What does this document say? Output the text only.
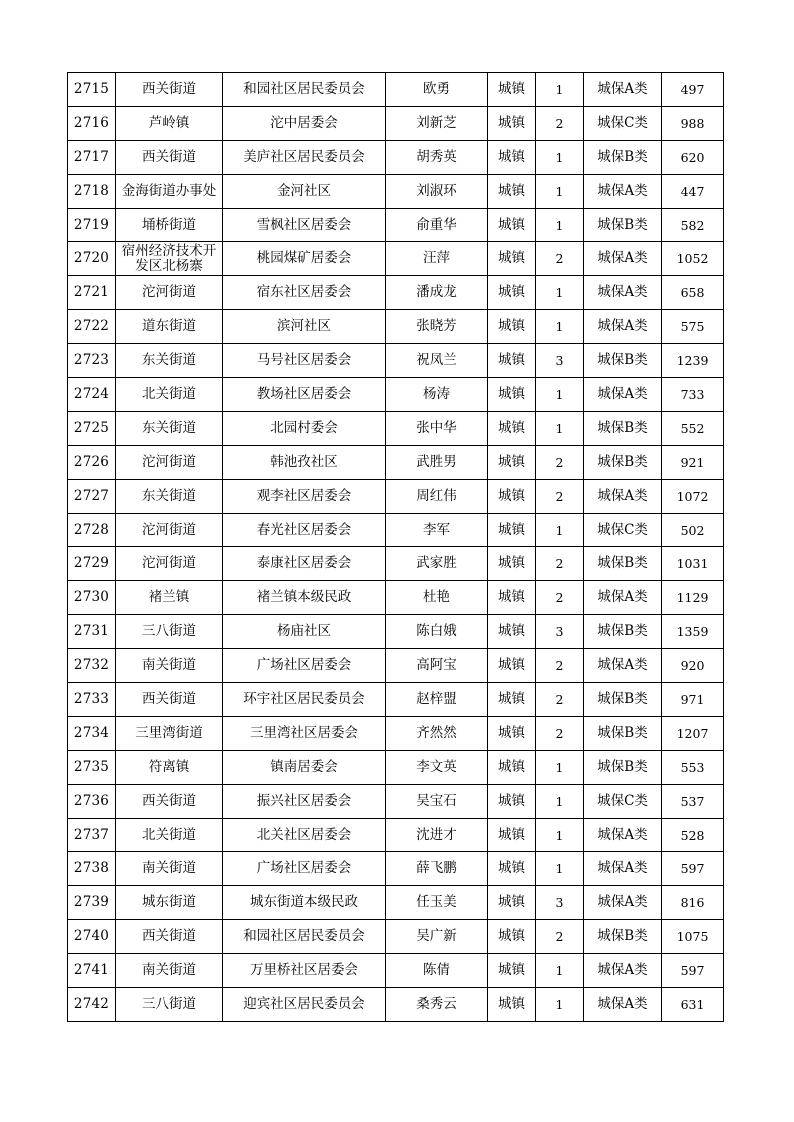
2715	西关街道	和园社区居民委员会	欧勇	城镇	1	城保A类	497
2716	芦岭镇	沱中居委会	刘新芝	城镇	2	城保C类	988
2717	西关街道	美庐社区居民委员会	胡秀英	城镇	1	城保B类	620
2718	金海街道办事处	金河社区	刘淑环	城镇	1	城保A类	447
2719	埇桥街道	雪枫社区居委会	俞重华	城镇	1	城保B类	582
2720	宿州经济技术开发区北杨寨	桃园煤矿居委会	汪萍	城镇	2	城保A类	1052
2721	沱河街道	宿东社区居委会	潘成龙	城镇	1	城保A类	658
2722	道东街道	滨河社区	张晓芳	城镇	1	城保A类	575
2723	东关街道	马号社区居委会	祝凤兰	城镇	3	城保B类	1239
2724	北关街道	教场社区居委会	杨涛	城镇	1	城保A类	733
2725	东关街道	北园村委会	张中华	城镇	1	城保B类	552
2726	沱河街道	韩池孜社区	武胜男	城镇	2	城保B类	921
2727	东关街道	观李社区居委会	周红伟	城镇	2	城保A类	1072
2728	沱河街道	春光社区居委会	李军	城镇	1	城保C类	502
2729	沱河街道	泰康社区居委会	武家胜	城镇	2	城保B类	1031
2730	褚兰镇	褚兰镇本级民政	杜艳	城镇	2	城保A类	1129
2731	三八街道	杨庙社区	陈白娥	城镇	3	城保B类	1359
2732	南关街道	广场社区居委会	高阿宝	城镇	2	城保A类	920
2733	西关街道	环宇社区居民委员会	赵梓盟	城镇	2	城保B类	971
2734	三里湾街道	三里湾社区居委会	齐然然	城镇	2	城保B类	1207
2735	符离镇	镇南居委会	李文英	城镇	1	城保B类	553
2736	西关街道	振兴社区居委会	吴宝石	城镇	1	城保C类	537
2737	北关街道	北关社区居委会	沈进才	城镇	1	城保A类	528
2738	南关街道	广场社区居委会	薛飞鹏	城镇	1	城保A类	597
2739	城东街道	城东街道本级民政	任玉美	城镇	3	城保A类	816
2740	西关街道	和园社区居民委员会	吴广新	城镇	2	城保B类	1075
2741	南关街道	万里桥社区居委会	陈倩	城镇	1	城保A类	597
2742	三八街道	迎宾社区居民委员会	桑秀云	城镇	1	城保A类	631
